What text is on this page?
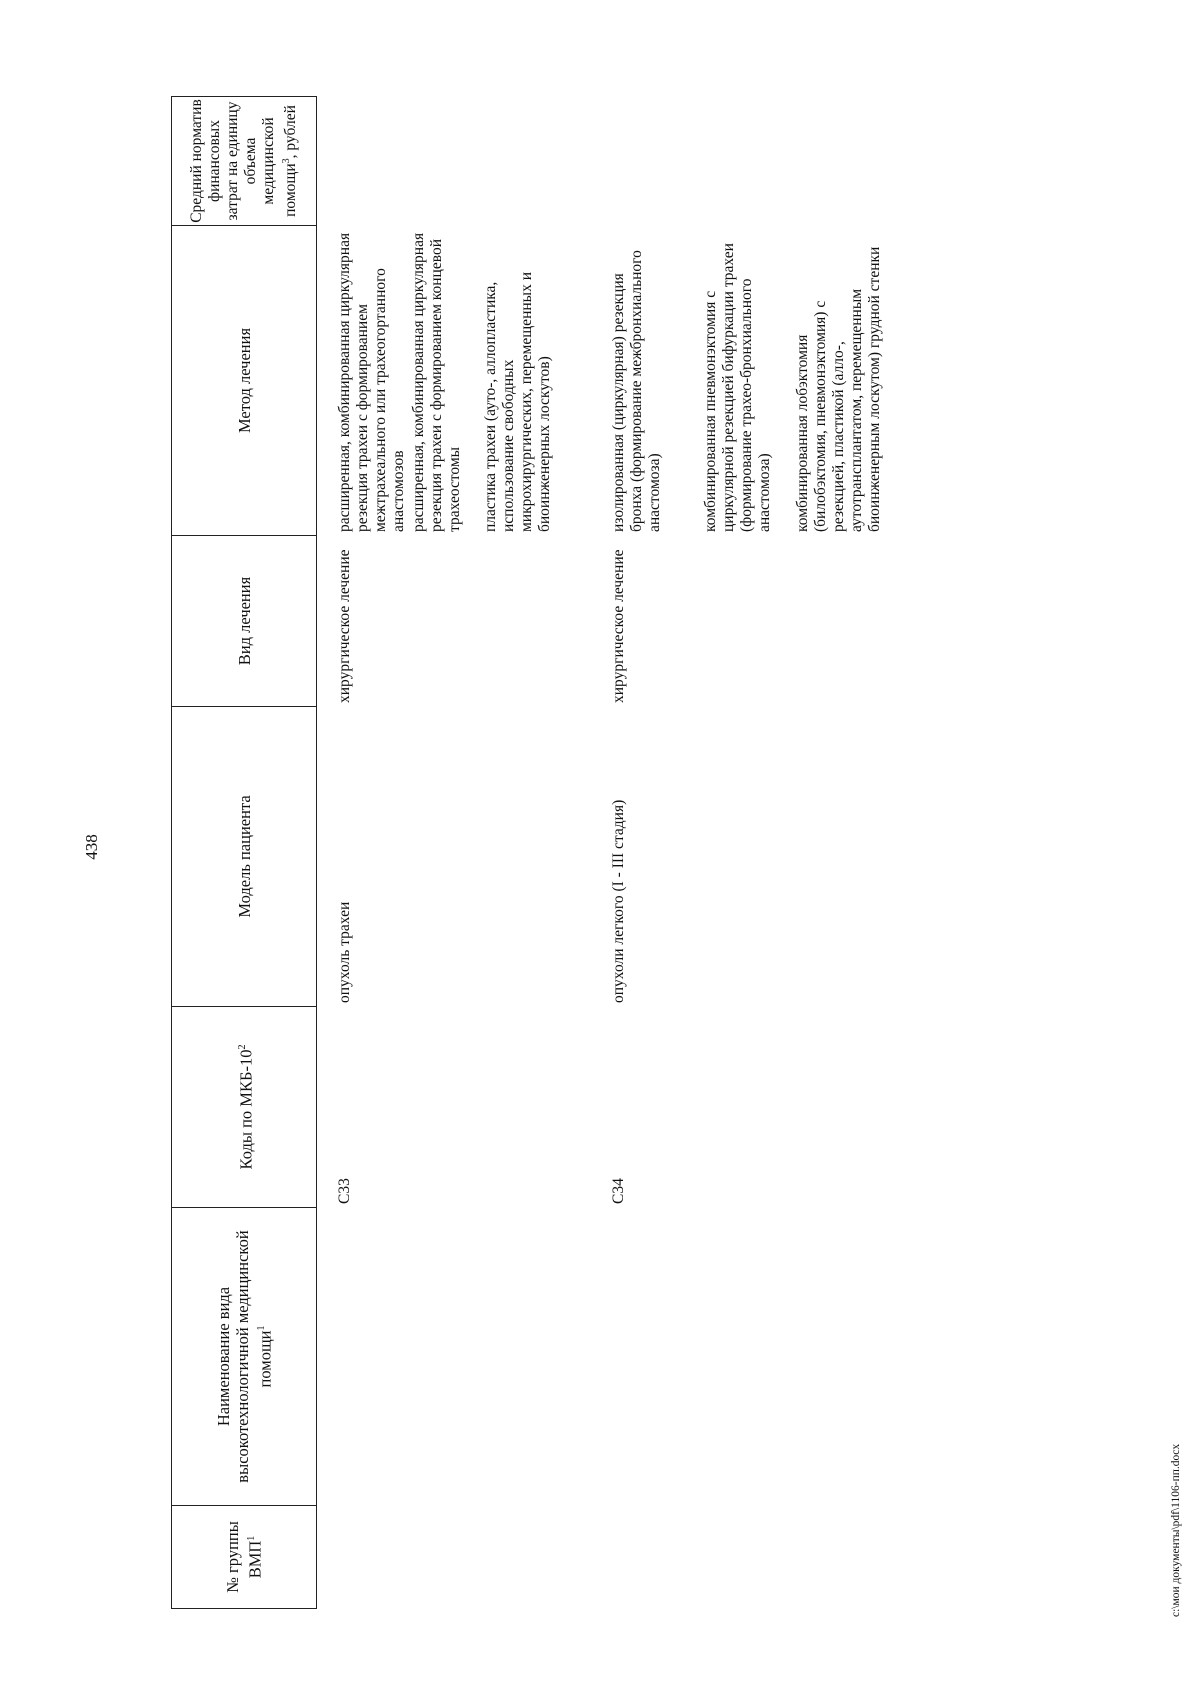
438
№ группы ВМП$^1$
Наименование вида высокотехнологичной медицинской помощи$^1$
Коды по МКБ-$10^2$
Модель пациента
Вид лечения
Метод лечения
Средний норматив финансовых затрат на единицу объема медицинской помощи$^3$, рублей
C33
опухоль трахеи
хирургическое лечение
расширенная, комбинированная циркулярная резекция трахеи с формированием межтрахеального или трахеогортанного анастомозов расширенная, комбинированная циркулярная резекция трахеи с формированием концевой трахеостомы пластика трахеи (ауто-, аллопластика, использование свободных микрохирургических, перемещенных и биоинженерных лоскутов)
C34
опухоли легкого (I - III стадия)
хирургическое лечение
изолированная (циркулярная) резекция бронха (формирование межбронхиального анастомоза)	комбинированная пневмонэктомия с циркулярной резекцией бифуркации трахеи (формирование трахео-бронхиального анастомоза) комбинированная лобэктомия (билобэктомия, пневмонэктомия) с резекцией, пластикой (алло-, аутотрансплантатом, перемещенным биоинженерным лоскутом) грудной стенки
c:\мои документы\pdf\1106-пп.docx
